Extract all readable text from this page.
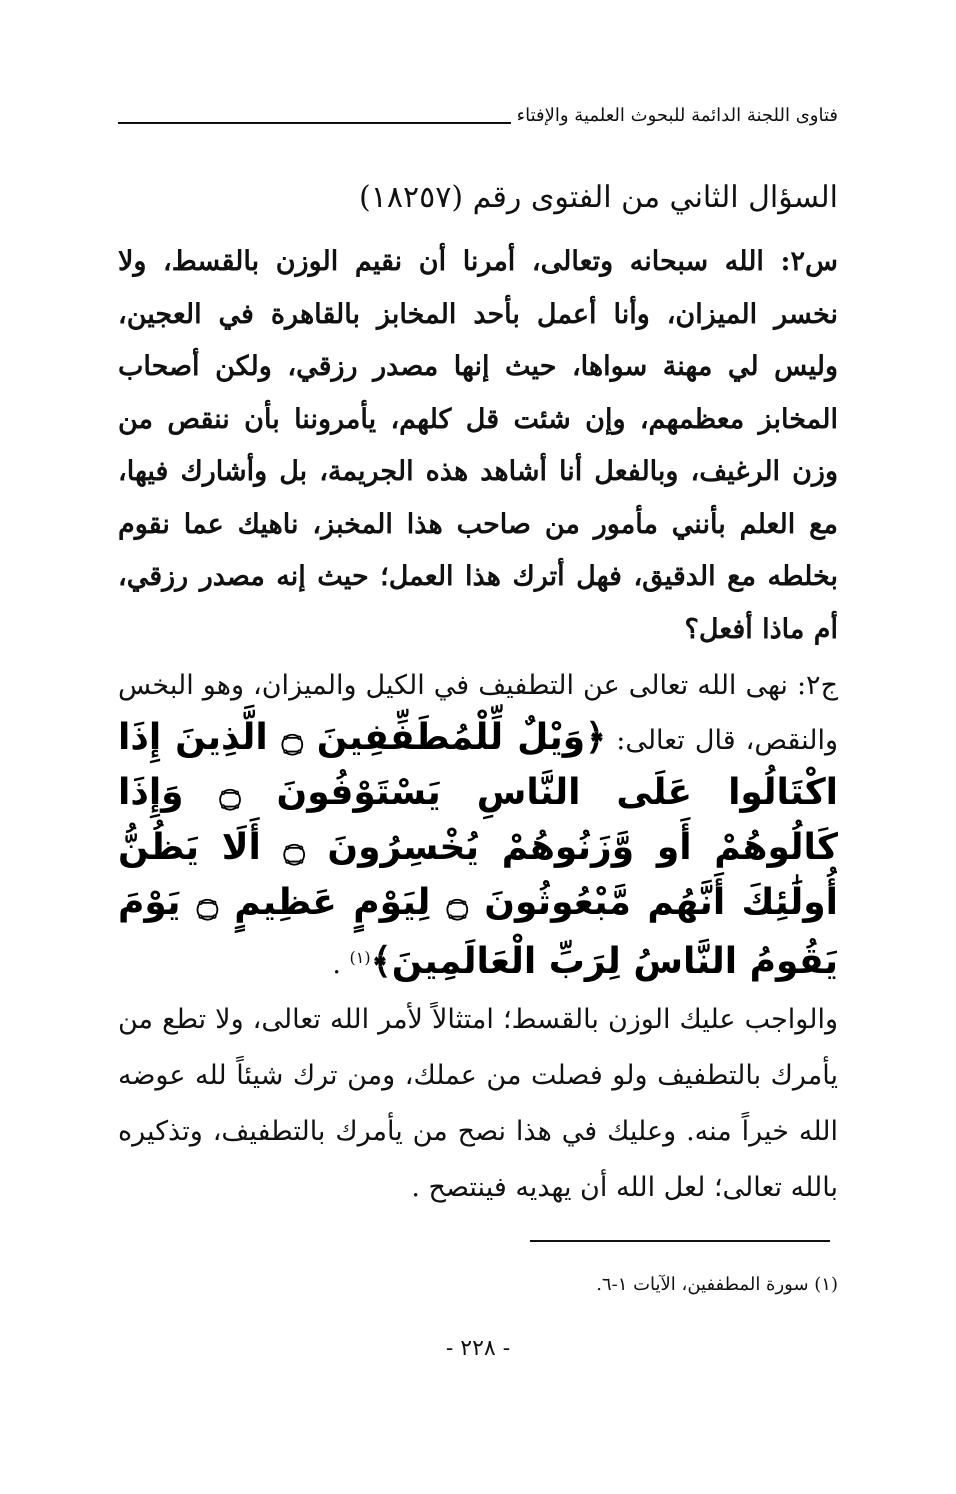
فتاوى اللجنة الدائمة للبحوث العلمية والإفتاء
السؤال الثاني من الفتوى رقم (١٨٢٥٧)
س٢: الله سبحانه وتعالى، أمرنا أن نقيم الوزن بالقسط، ولا نخسر الميزان، وأنا أعمل بأحد المخابز بالقاهرة في العجين، وليس لي مهنة سواها، حيث إنها مصدر رزقي، ولكن أصحاب المخابز معظمهم، وإن شئت قل كلهم، يأمروننا بأن ننقص من وزن الرغيف، وبالفعل أنا أشاهد هذه الجريمة، بل وأشارك فيها، مع العلم بأنني مأمور من صاحب هذا المخبز، ناهيك عما نقوم بخلطه مع الدقيق، فهل أترك هذا العمل؛ حيث إنه مصدر رزقي، أم ماذا أفعل؟
ج٢: نهى الله تعالى عن التطفيف في الكيل والميزان، وهو البخس والنقص، قال تعالى: ﴿وَيْلٌ لِّلْمُطَفِّفِينَ ۝ الَّذِينَ إِذَا اكْتَالُوا عَلَى النَّاسِ يَسْتَوْفُونَ ۝ وَإِذَا كَالُوهُمْ أَو وَّزَنُوهُمْ يُخْسِرُونَ ۝ أَلَا يَظُنُّ أُولَٰئِكَ أَنَّهُم مَّبْعُوثُونَ ۝ لِيَوْمٍ عَظِيمٍ ۝ يَوْمَ يَقُومُ النَّاسُ لِرَبِّ الْعَالَمِينَ﴾$^{(١)}$ .
والواجب عليك الوزن بالقسط؛ امتثالاً لأمر الله تعالى، ولا تطع من يأمرك بالتطفيف ولو فصلت من عملك، ومن ترك شيئاً لله عوضه الله خيراً منه. وعليك في هذا نصح من يأمرك بالتطفيف، وتذكيره بالله تعالى؛ لعل الله أن يهديه فينتصح .
(١) سورة المطففين، الآيات ١-٦.
- ٢٢٨ -
